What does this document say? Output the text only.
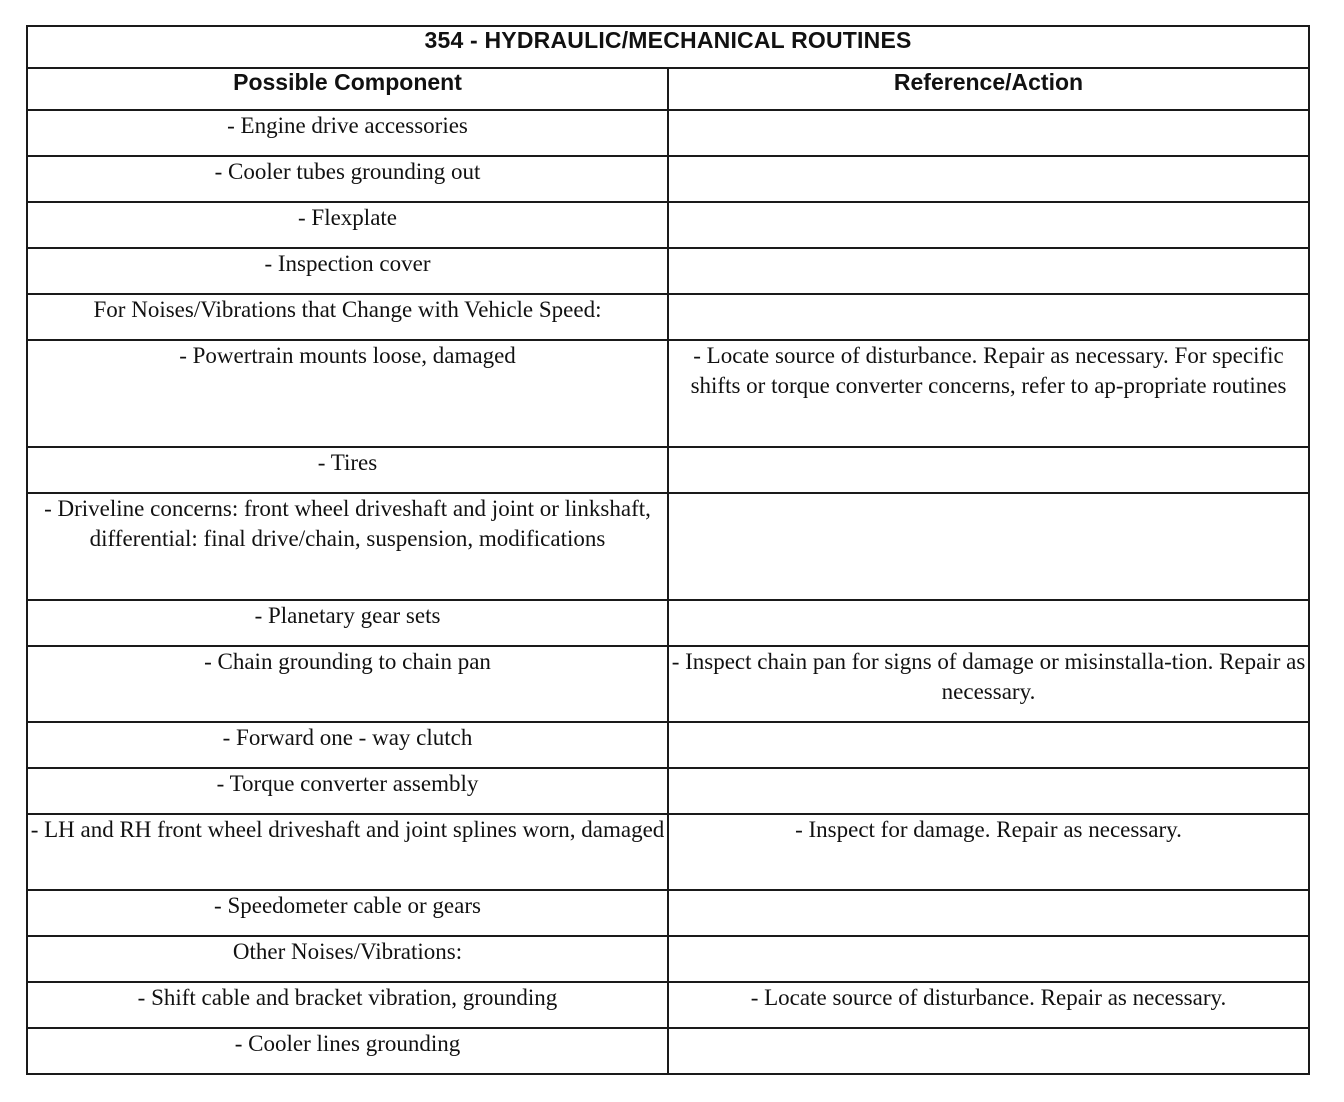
354 - HYDRAULIC/MECHANICAL ROUTINES	
Possible Component	Reference/Action
- Engine drive accessories	
- Cooler tubes grounding out	
- Flexplate	
- Inspection cover	
For Noises/Vibrations that Change with Vehicle Speed:	
- Powertrain mounts loose, damaged	- Locate source of disturbance. Repair as necessary. For specific shifts or torque converter concerns, refer to ap-propriate routines
- Tires	
- Driveline concerns: front wheel driveshaft and joint or linkshaft, differential: final drive/chain, suspension, modifications	
- Planetary gear sets	
- Chain grounding to chain pan	- Inspect chain pan for signs of damage or misinstalla-tion. Repair as necessary.
- Forward one - way clutch	
- Torque converter assembly	
- LH and RH front wheel driveshaft and joint splines worn, damaged	- Inspect for damage. Repair as necessary.
- Speedometer cable or gears	
Other Noises/Vibrations:	
- Shift cable and bracket vibration, grounding	- Locate source of disturbance. Repair as necessary.
- Cooler lines grounding	
